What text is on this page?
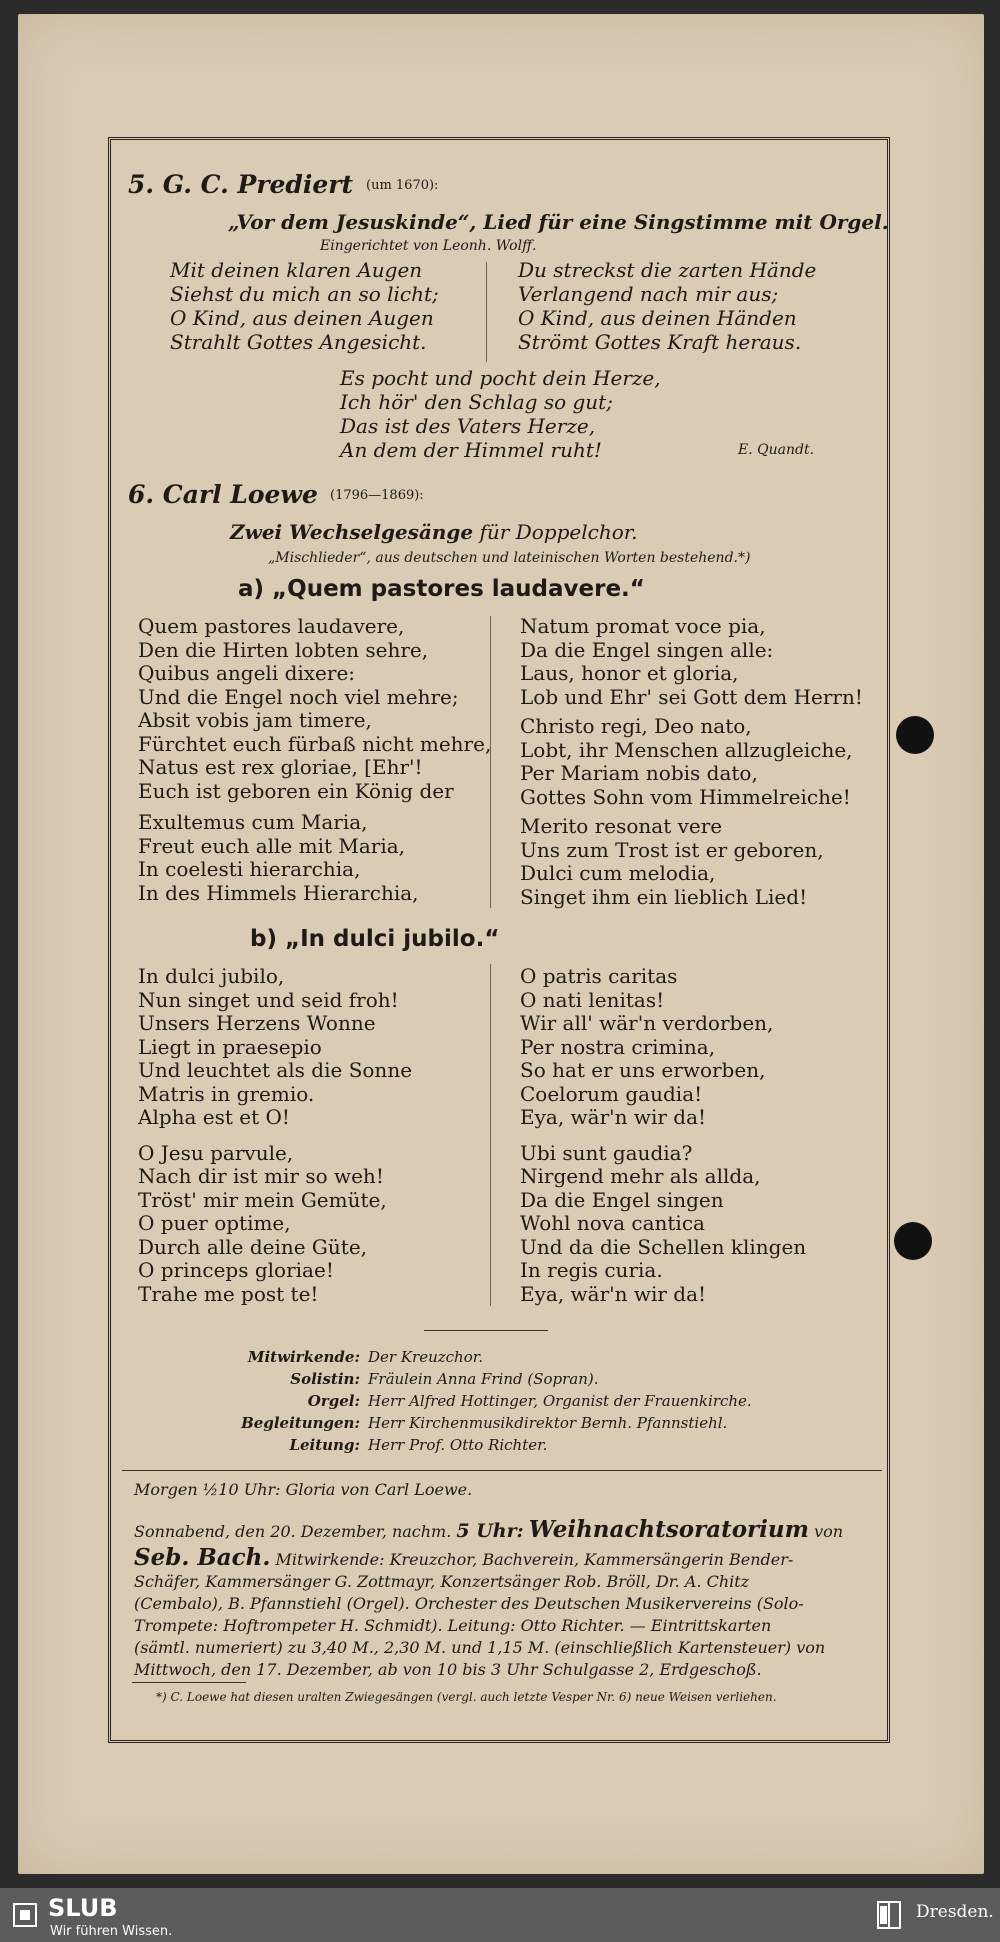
5. G. C. Prediert (um 1670):
„Vor dem Jesuskinde“, Lied für eine Singstimme mit Orgel.
Eingerichtet von Leonh. Wolff.
E. Quandt.
6. Carl Loewe (1796—1869):
Zwei Wechselgesänge für Doppelchor.
„Mischlieder“, aus deutschen und lateinischen Worten bestehend.*)
a) „Quem pastores laudavere.“
b) „In dulci jubilo.“
Morgen ½10 Uhr: Gloria von Carl Loewe.
Sonnabend, den 20. Dezember, nachm. 5 Uhr: Weihnachtsoratorium von
Seb. Bach. Mitwirkende: Kreuzchor, Bachverein, Kammersängerin Bender-
Schäfer, Kammersänger G. Zottmayr, Konzertsänger Rob. Bröll, Dr. A. Chitz
(Cembalo), B. Pfannstiehl (Orgel). Orchester des Deutschen Musikervereins (Solo-
Trompete: Hoftrompeter H. Schmidt). Leitung: Otto Richter. — Eintrittskarten
(sämtl. numeriert) zu 3,40 M., 2,30 M. und 1,15 M. (einschließlich Kartensteuer) von
Mittwoch, den 17. Dezember, ab von 10 bis 3 Uhr Schulgasse 2, Erdgeschoß.
*) C. Loewe hat diesen uralten Zwiegesängen (vergl. auch letzte Vesper Nr. 6) neue Weisen verliehen.
SLUB
Wir führen Wissen.
Dresden.
Mit deinen klaren Augen
Siehst du mich an so licht;
O Kind, aus deinen Augen
Strahlt Gottes Angesicht.
Du streckst die zarten Hände
Verlangend nach mir aus;
O Kind, aus deinen Händen
Strömt Gottes Kraft heraus.
Es pocht und pocht dein Herze,
Ich hör' den Schlag so gut;
Das ist des Vaters Herze,
An dem der Himmel ruht!
Quem pastores laudavere,
Den die Hirten lobten sehre,
Quibus angeli dixere:
Und die Engel noch viel mehre;
Absit vobis jam timere,
Fürchtet euch fürbaß nicht mehre,
Natus est rex gloriae, [Ehr'!
Euch ist geboren ein König der
Exultemus cum Maria,
Freut euch alle mit Maria,
In coelesti hierarchia,
In des Himmels Hierarchia,
Natum promat voce pia,
Da die Engel singen alle:
Laus, honor et gloria,
Lob und Ehr' sei Gott dem Herrn!
Christo regi, Deo nato,
Lobt, ihr Menschen allzugleiche,
Per Mariam nobis dato,
Gottes Sohn vom Himmelreiche!
Merito resonat vere
Uns zum Trost ist er geboren,
Dulci cum melodia,
Singet ihm ein lieblich Lied!
In dulci jubilo,
Nun singet und seid froh!
Unsers Herzens Wonne
Liegt in praesepio
Und leuchtet als die Sonne
Matris in gremio.
Alpha est et O!
O Jesu parvule,
Nach dir ist mir so weh!
Tröst' mir mein Gemüte,
O puer optime,
Durch alle deine Güte,
O princeps gloriae!
Trahe me post te!
O patris caritas
O nati lenitas!
Wir all' wär'n verdorben,
Per nostra crimina,
So hat er uns erworben,
Coelorum gaudia!
Eya, wär'n wir da!
Ubi sunt gaudia?
Nirgend mehr als allda,
Da die Engel singen
Wohl nova cantica
Und da die Schellen klingen
In regis curia.
Eya, wär'n wir da!
Mitwirkende: Der Kreuzchor.
Solistin: Fräulein Anna Frind (Sopran).
Orgel: Herr Alfred Hottinger, Organist der Frauenkirche.
Begleitungen: Herr Kirchenmusikdirektor Bernh. Pfannstiehl.
Leitung: Herr Prof. Otto Richter.
